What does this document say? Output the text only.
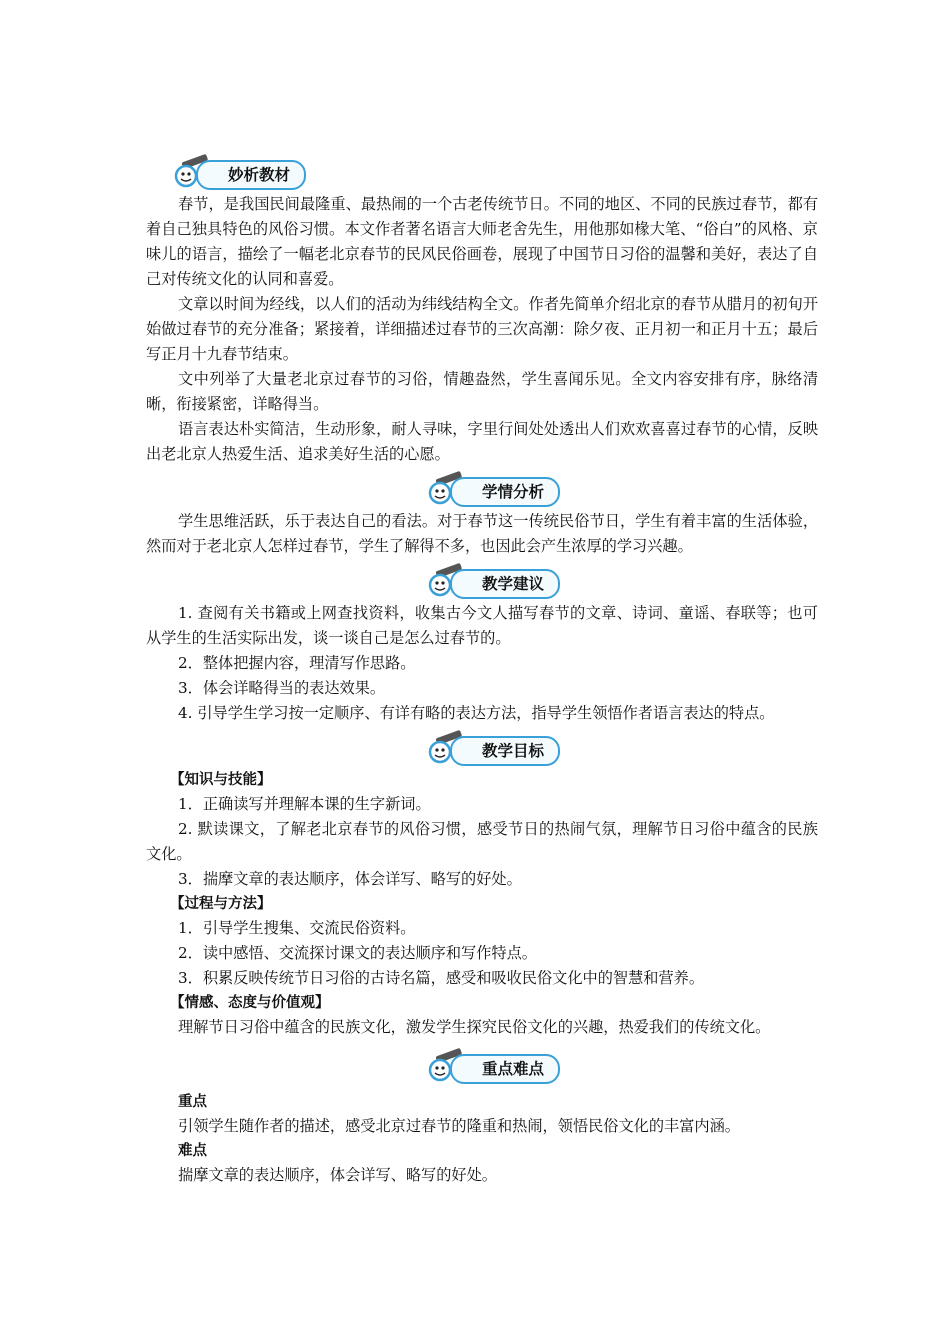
妙析教材

春节，是我国民间最隆重、最热闹的一个古老传统节日。不同的地区、不同的民族过春节，都有着自己独具特色的风俗习惯。本文作者著名语言大师老舍先生，用他那如椽大笔、“俗白”的风格、京味儿的语言，描绘了一幅老北京春节的民风民俗画卷，展现了中国节日习俗的温馨和美好，表达了自己对传统文化的认同和喜爱。

文章以时间为经线，以人们的活动为纬线结构全文。作者先简单介绍北京的春节从腊月的初旬开始做过春节的充分准备；紧接着，详细描述过春节的三次高潮：除夕夜、正月初一和正月十五；最后写正月十九春节结束。

文中列举了大量老北京过春节的习俗，情趣盎然，学生喜闻乐见。全文内容安排有序，脉络清晰，衔接紧密，详略得当。

语言表达朴实简洁，生动形象，耐人寻味，字里行间处处透出人们欢欢喜喜过春节的心情，反映出老北京人热爱生活、追求美好生活的心愿。

学情分析

学生思维活跃，乐于表达自己的看法。对于春节这一传统民俗节日，学生有着丰富的生活体验，然而对于老北京人怎样过春节，学生了解得不多，也因此会产生浓厚的学习兴趣。

教学建议

1. 查阅有关书籍或上网查找资料，收集古今文人描写春节的文章、诗词、童谣、春联等；也可从学生的生活实际出发，谈一谈自己是怎么过春节的。

2．整体把握内容，理清写作思路。

3．体会详略得当的表达效果。

4. 引导学生学习按一定顺序、有详有略的表达方法，指导学生领悟作者语言表达的特点。

教学目标

【知识与技能】

1．正确读写并理解本课的生字新词。

2. 默读课文，了解老北京春节的风俗习惯，感受节日的热闹气氛，理解节日习俗中蕴含的民族文化。

3．揣摩文章的表达顺序，体会详写、略写的好处。

【过程与方法】

1．引导学生搜集、交流民俗资料。

2．读中感悟、交流探讨课文的表达顺序和写作特点。

3．积累反映传统节日习俗的古诗名篇，感受和吸收民俗文化中的智慧和营养。

【情感、态度与价值观】

理解节日习俗中蕴含的民族文化，激发学生探究民俗文化的兴趣，热爱我们的传统文化。

重点难点

重点

引领学生随作者的描述，感受北京过春节的隆重和热闹，领悟民俗文化的丰富内涵。

难点

揣摩文章的表达顺序，体会详写、略写的好处。
